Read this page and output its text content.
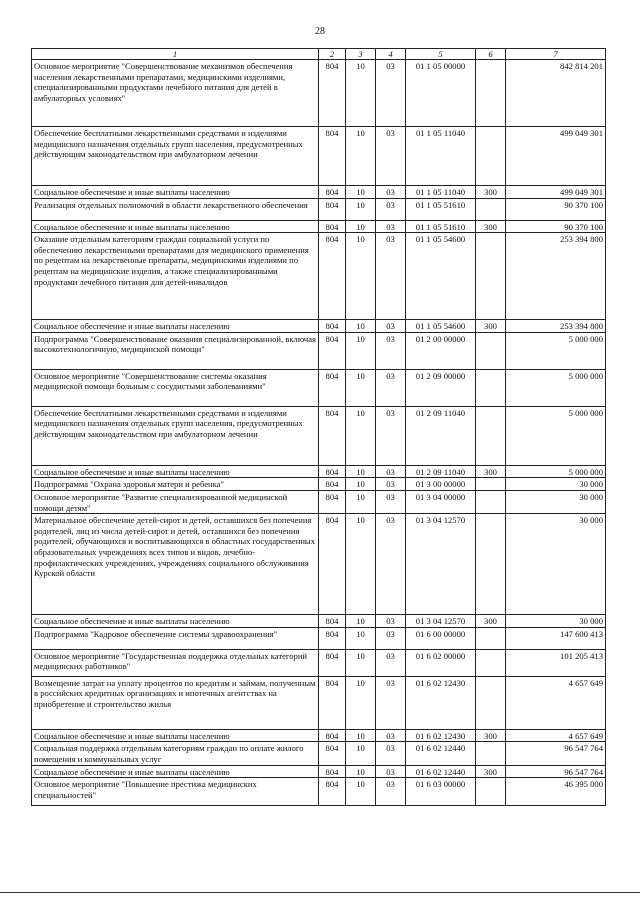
28
1	2	3	4	5	6	7
Основное мероприятие "Совершенствование механизмов обеспечения населения лекарственными препаратами, медицинскими изделиями, специализированными продуктами лечебного питания для детей в амбулаторных условиях"	804	10	03	01 1 05 00000		842 814 201
Обеспечение бесплатными лекарственными средствами и изделиями медицинского назначения отдельных групп населения, предусмотренных действующим законодательством при амбулаторном лечении	804	10	03	01 1 05 11040		499 049 301
Социальное обеспечение и иные выплаты населению	804	10	03	01 1 05 11040	300	499 049 301
Реализация отдельных полномочий в области лекарственного обеспечения	804	10	03	01 1 05 51610		90 370 100
Социальное обеспечение и иные выплаты населению	804	10	03	01 1 05 51610	300	90 370 100
Оказание отдельным категориям граждан социальной услуги по обеспечению лекарственными препаратами для медицинского применения по рецептам на лекарственные препараты, медицинскими изделиями по рецептам на медицинские изделия, а также специализированными продуктами лечебного питания для детей-инвалидов	804	10	03	01 1 05 54600		253 394 800
Социальное обеспечение и иные выплаты населению	804	10	03	01 1 05 54600	300	253 394 800
Подпрограмма "Совершенствование оказания специализированной, включая высокотехнологичную, медицинской помощи"	804	10	03	01 2 00 00000		5 000 000
Основное мероприятие "Совершенствование системы оказания медицинской помощи больным с сосудистыми заболеваниями"	804	10	03	01 2 09 00000		5 000 000
Обеспечение бесплатными лекарственными средствами и изделиями медицинского назначения отдельных групп населения, предусмотренных действующим законодательством при амбулаторном лечении	804	10	03	01 2 09 11040		5 000 000
Социальное обеспечение и иные выплаты населению	804	10	03	01 2 09 11040	300	5 000 000
Подпрограмма "Охрана здоровья матери и ребенка"	804	10	03	01 3 00 00000		30 000
Основное мероприятие "Развитие специализированной медицинской помощи детям"	804	10	03	01 3 04 00000		30 000
Материальное обеспечение детей-сирот и детей, оставшихся без попечения родителей, лиц из числа детей-сирот и детей, оставшихся без попечения родителей, обучающихся и воспитывающихся в областных государственных образовательных учреждениях всех типов и видов, лечебно-профилактических учреждениях, учреждениях социального обслуживания Курской области	804	10	03	01 3 04 12570		30 000
Социальное обеспечение и иные выплаты населению	804	10	03	01 3 04 12570	300	30 000
Подпрограмма "Кадровое обеспечение системы здравоохранения"	804	10	03	01 6 00 00000		147 600 413
Основное мероприятие "Государственная поддержка отдельных категорий медицинских работников"	804	10	03	01 6 02 00000		101 205 413
Возмещение затрат на уплату процентов по кредитам и займам, полученным в российских кредитных организациях и ипотечных агентствах на приобретение и строительство жилья	804	10	03	01 6 02 12430		4 657 649
Социальное обеспечение и иные выплаты населению	804	10	03	01 6 02 12430	300	4 657 649
Социальная поддержка отдельным категориям граждан по оплате жилого помещения и коммунальных услуг	804	10	03	01 6 02 12440		96 547 764
Социальное обеспечение и иные выплаты населению	804	10	03	01 6 02 12440	300	96 547 764
Основное мероприятие "Повышение престижа медицинских специальностей"	804	10	03	01 6 03 00000		46 395 000
